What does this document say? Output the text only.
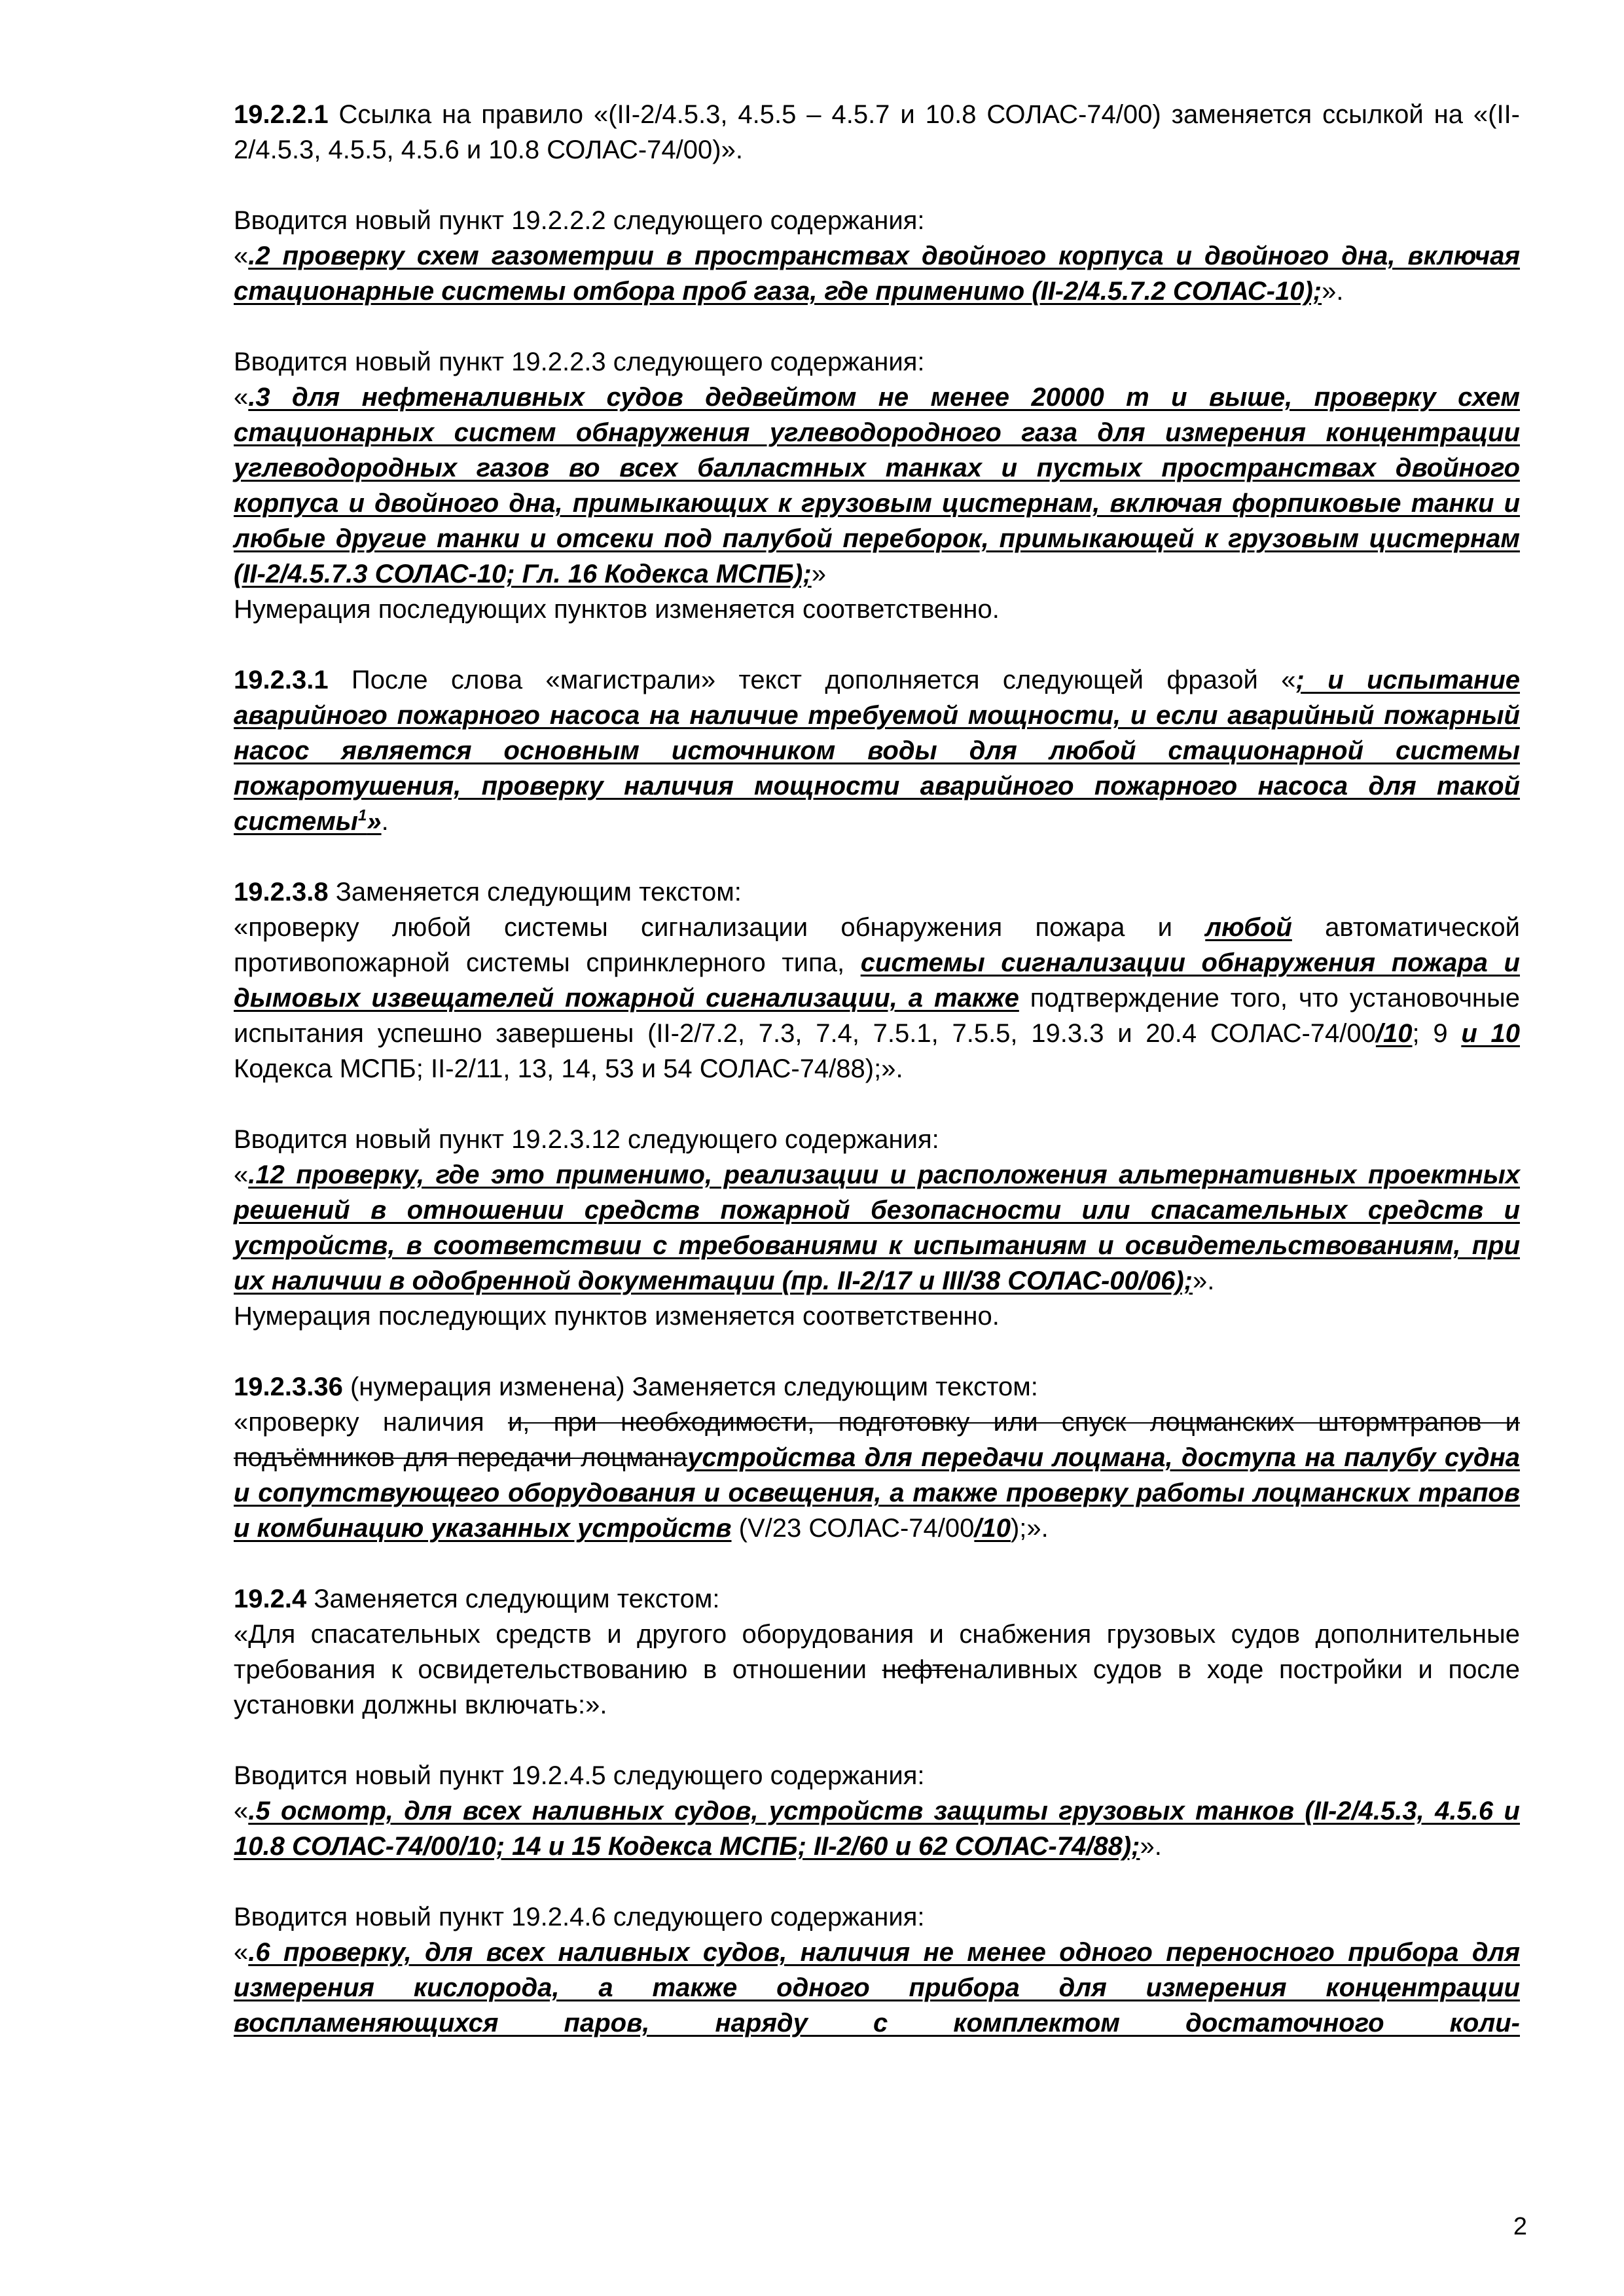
19.2.2.1 Ссылка на правило «(II-2/4.5.3, 4.5.5 – 4.5.7 и 10.8 СОЛАС-74/00) заменяется ссылкой на «(II-2/4.5.3, 4.5.5, 4.5.6 и 10.8 СОЛАС-74/00)».

Вводится новый пункт 19.2.2.2 следующего содержания:
«.2 проверку схем газометрии в пространствах двойного корпуса и двойного дна, включая стационарные системы отбора проб газа, где применимо (II-2/4.5.7.2 СОЛАС-10);».
Вводится новый пункт 19.2.2.3 следующего содержания:
«.3 для нефтеналивных судов дедвейтом не менее 20000 т и выше, проверку схем стационарных систем обнаружения углеводородного газа для измерения концентрации углеводородных газов во всех балластных танках и пустых пространствах двойного корпуса и двойного дна, примыкающих к грузовым цистернам, включая форпиковые танки и любые другие танки и отсеки под палубой переборок, примыкающей к грузовым цистернам (II-2/4.5.7.3 СОЛАС-10; Гл. 16 Кодекса МСПБ);»
Нумерация последующих пунктов изменяется соответственно.

19.2.3.1 После слова «магистрали» текст дополняется следующей фразой «; и испытание аварийного пожарного насоса на наличие требуемой мощности, и если аварийный пожарный насос является основным источником воды для любой стационарной системы пожаротушения, проверку наличия мощности аварийного пожарного насоса для такой системы$^1$».

19.2.3.8 Заменяется следующим текстом:
«проверку любой системы сигнализации обнаружения пожара и любой автоматической противопожарной системы спринклерного типа, системы сигнализации обнаружения пожара и дымовых извещателей пожарной сигнализации, а также подтверждение того, что установочные испытания успешно завершены (II-2/7.2, 7.3, 7.4, 7.5.1, 7.5.5, 19.3.3 и 20.4 СОЛАС-74/00/10; 9 и 10 Кодекса МСПБ; II-2/11, 13, 14, 53 и 54 СОЛАС-74/88);».
Вводится новый пункт 19.2.3.12 следующего содержания:
«.12 проверку, где это применимо, реализации и расположения альтернативных проектных решений в отношении средств пожарной безопасности или спасательных средств и устройств, в соответствии с требованиями к испытаниям и освидетельствованиям, при их наличии в одобренной документации (пр. II-2/17 и III/38 СОЛАС-00/06);».
Нумерация последующих пунктов изменяется соответственно.
19.2.3.36 (нумерация изменена) Заменяется следующим текстом:
«проверку наличия и, при необходимости, подготовку или спуск лоцманских штормтрапов и подъёмников для передачи лоцманаустройства для передачи лоцмана, доступа на палубу судна и сопутствующего оборудования и освещения, а также проверку работы лоцманских трапов и комбинацию указанных устройств (V/23 СОЛАС-74/00/10);».
19.2.4 Заменяется следующим текстом:
«Для спасательных средств и другого оборудования и снабжения грузовых судов дополнительные требования к освидетельствованию в отношении нефтеналивных судов в ходе постройки и после установки должны включать:».
Вводится новый пункт 19.2.4.5 следующего содержания:
«.5 осмотр, для всех наливных судов, устройств защиты грузовых танков (II-2/4.5.3, 4.5.6 и 10.8 СОЛАС-74/00/10; 14 и 15 Кодекса МСПБ; II-2/60 и 62 СОЛАС-74/88);».
Вводится новый пункт 19.2.4.6 следующего содержания:
«.6 проверку, для всех наливных судов, наличия не менее одного переносного прибора для измерения кислорода, а также одного прибора для измерения концентрации воспламеняющихся паров, наряду с комплектом достаточного коли-
2
